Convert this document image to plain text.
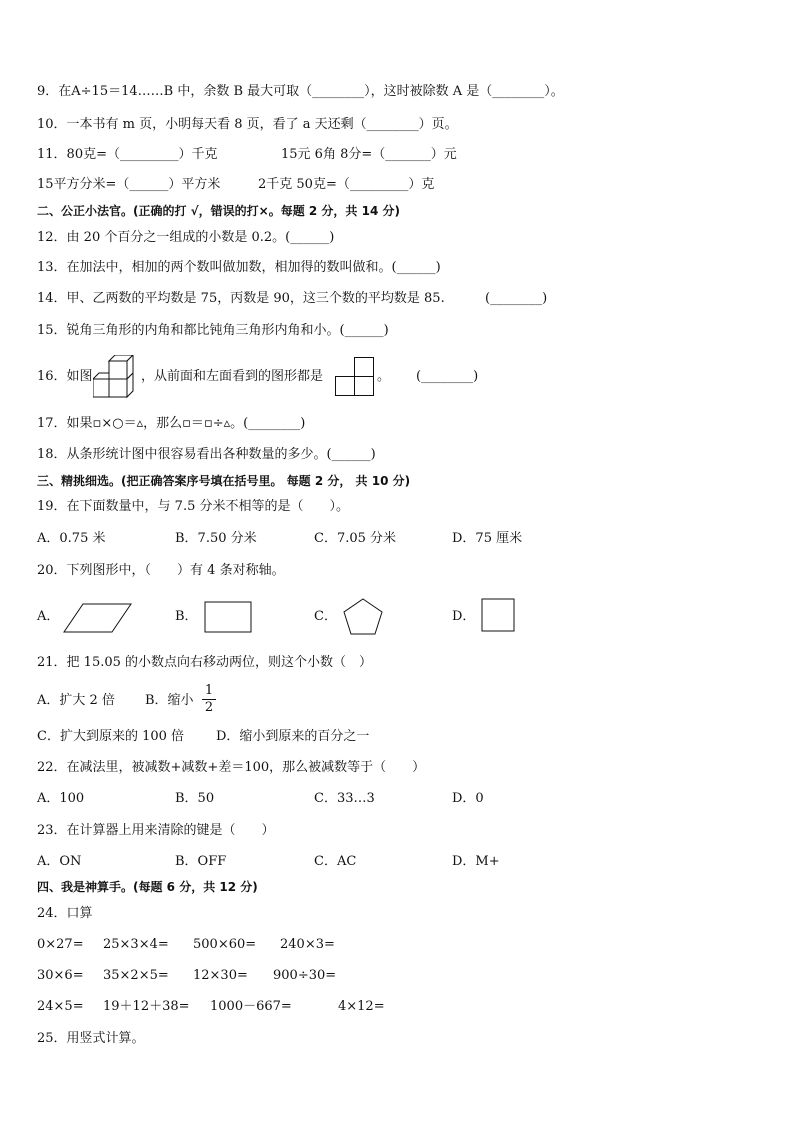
9．在A÷15＝14……B 中，余数 B 最大可取（________），这时被除数 A 是（________）。
10．一本书有 m 页，小明每天看 8 页，看了 a 天还剩（________）页。
11．80克=（_________）千克	15元 6角 8分=（_______）元
15平方分米=（______）平方米	2千克 50克=（_________）克
二、公正小法官。(正确的打 √，错误的打×。每题 2 分，共 14 分)
12．由 20 个百分之一组成的小数是 0.2。(______)
13．在加法中，相加的两个数叫做加数，相加得的数叫做和。(______)
14．甲、乙两数的平均数是 75，丙数是 90，这三个数的平均数是 85.	(________)
15．锐角三角形的内角和都比钝角三角形内角和小。(______)
16．如图	，从前面和左面看到的图形都是	。 (________)
17．如果▫×○＝▵，那么▫＝▫÷▵。(________)
18．从条形统计图中很容易看出各种数量的多少。(______)
三、精挑细选。(把正确答案序号填在括号里。 每题 2 分， 共 10 分)
19．在下面数量中，与 7.5 分米不相等的是（　　）。
A．0.75 米	B．7.50 分米	C．7.05 分米	D．75 厘米
20．下列图形中，（　　）有 4 条对称轴。
A．	B．	C．	D．
21．把 15.05 的小数点向右移动两位，则这个小数（　）
A．扩大 2 倍 B．缩小
1
2
C．扩大到原来的 100 倍 D．缩小到原来的百分之一
22．在减法里，被减数+减数+差＝100，那么被减数等于（　　）
A．100	B．50	C．33…3	D．0
23．在计算器上用来清除的键是（　　）
A．ON	B．OFF	C．AC	D．M+
四、我是神算手。(每题 6 分，共 12 分)
24．口算
0×27= 25×3×4= 500×60= 240×3=
30×6= 35×2×5= 12×30= 900÷30=
24×5= 19＋12＋38= 1000－667=	4×12=
25．用竖式计算。
